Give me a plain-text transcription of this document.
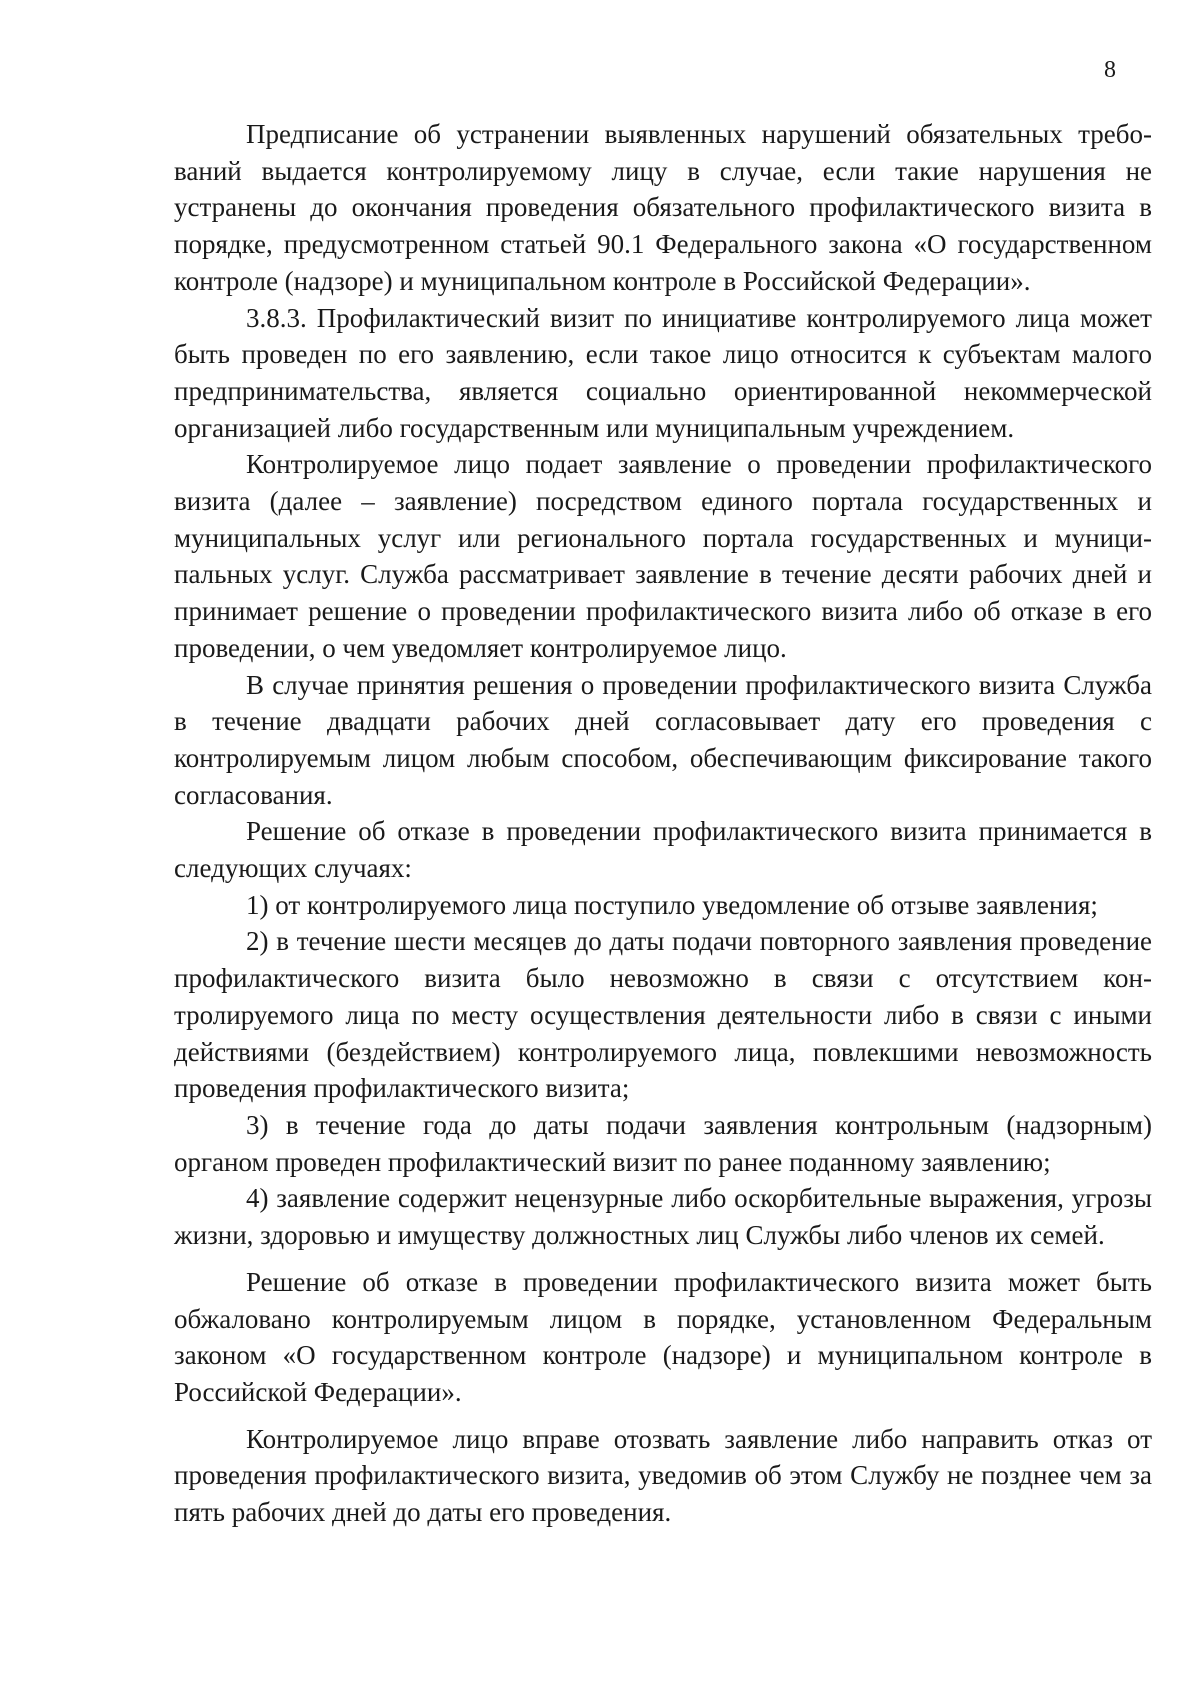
8

Предписание об устранении выявленных нарушений обязательных требований выдается контролируемому лицу в случае, если такие нарушения не устранены до окончания проведения обязательного профилактического визита в порядке, предусмотренном статьей 90.1 Федерального закона «О государственном контроле (надзоре) и муниципальном контроле в Российской Федерации».

3.8.3. Профилактический визит по инициативе контролируемого лица может быть проведен по его заявлению, если такое лицо относится к субъектам малого предпринимательства, является социально ориентированной некоммерческой организацией либо государственным или муниципальным учреждением.

Контролируемое лицо подает заявление о проведении профилактического визита (далее – заявление) посредством единого портала государственных и муниципальных услуг или регионального портала государственных и муниципальных услуг. Служба рассматривает заявление в течение десяти рабочих дней и принимает решение о проведении профилактического визита либо об отказе в его проведении, о чем уведомляет контролируемое лицо.

В случае принятия решения о проведении профилактического визита Служба в течение двадцати рабочих дней согласовывает дату его проведения с контролируемым лицом любым способом, обеспечивающим фиксирование такого согласования.

Решение об отказе в проведении профилактического визита принимается в следующих случаях:

1) от контролируемого лица поступило уведомление об отзыве заявления;

2) в течение шести месяцев до даты подачи повторного заявления проведение профилактического визита было невозможно в связи с отсутствием контролируемого лица по месту осуществления деятельности либо в связи с иными действиями (бездействием) контролируемого лица, повлекшими невозможность проведения профилактического визита;

3) в течение года до даты подачи заявления контрольным (надзорным) органом проведен профилактический визит по ранее поданному заявлению;

4) заявление содержит нецензурные либо оскорбительные выражения, угрозы жизни, здоровью и имуществу должностных лиц Службы либо членов их семей.

Решение об отказе в проведении профилактического визита может быть обжаловано контролируемым лицом в порядке, установленном Федеральным законом «О государственном контроле (надзоре) и муниципальном контроле в Российской Федерации».

Контролируемое лицо вправе отозвать заявление либо направить отказ от проведения профилактического визита, уведомив об этом Службу не позднее чем за пять рабочих дней до даты его проведения.
